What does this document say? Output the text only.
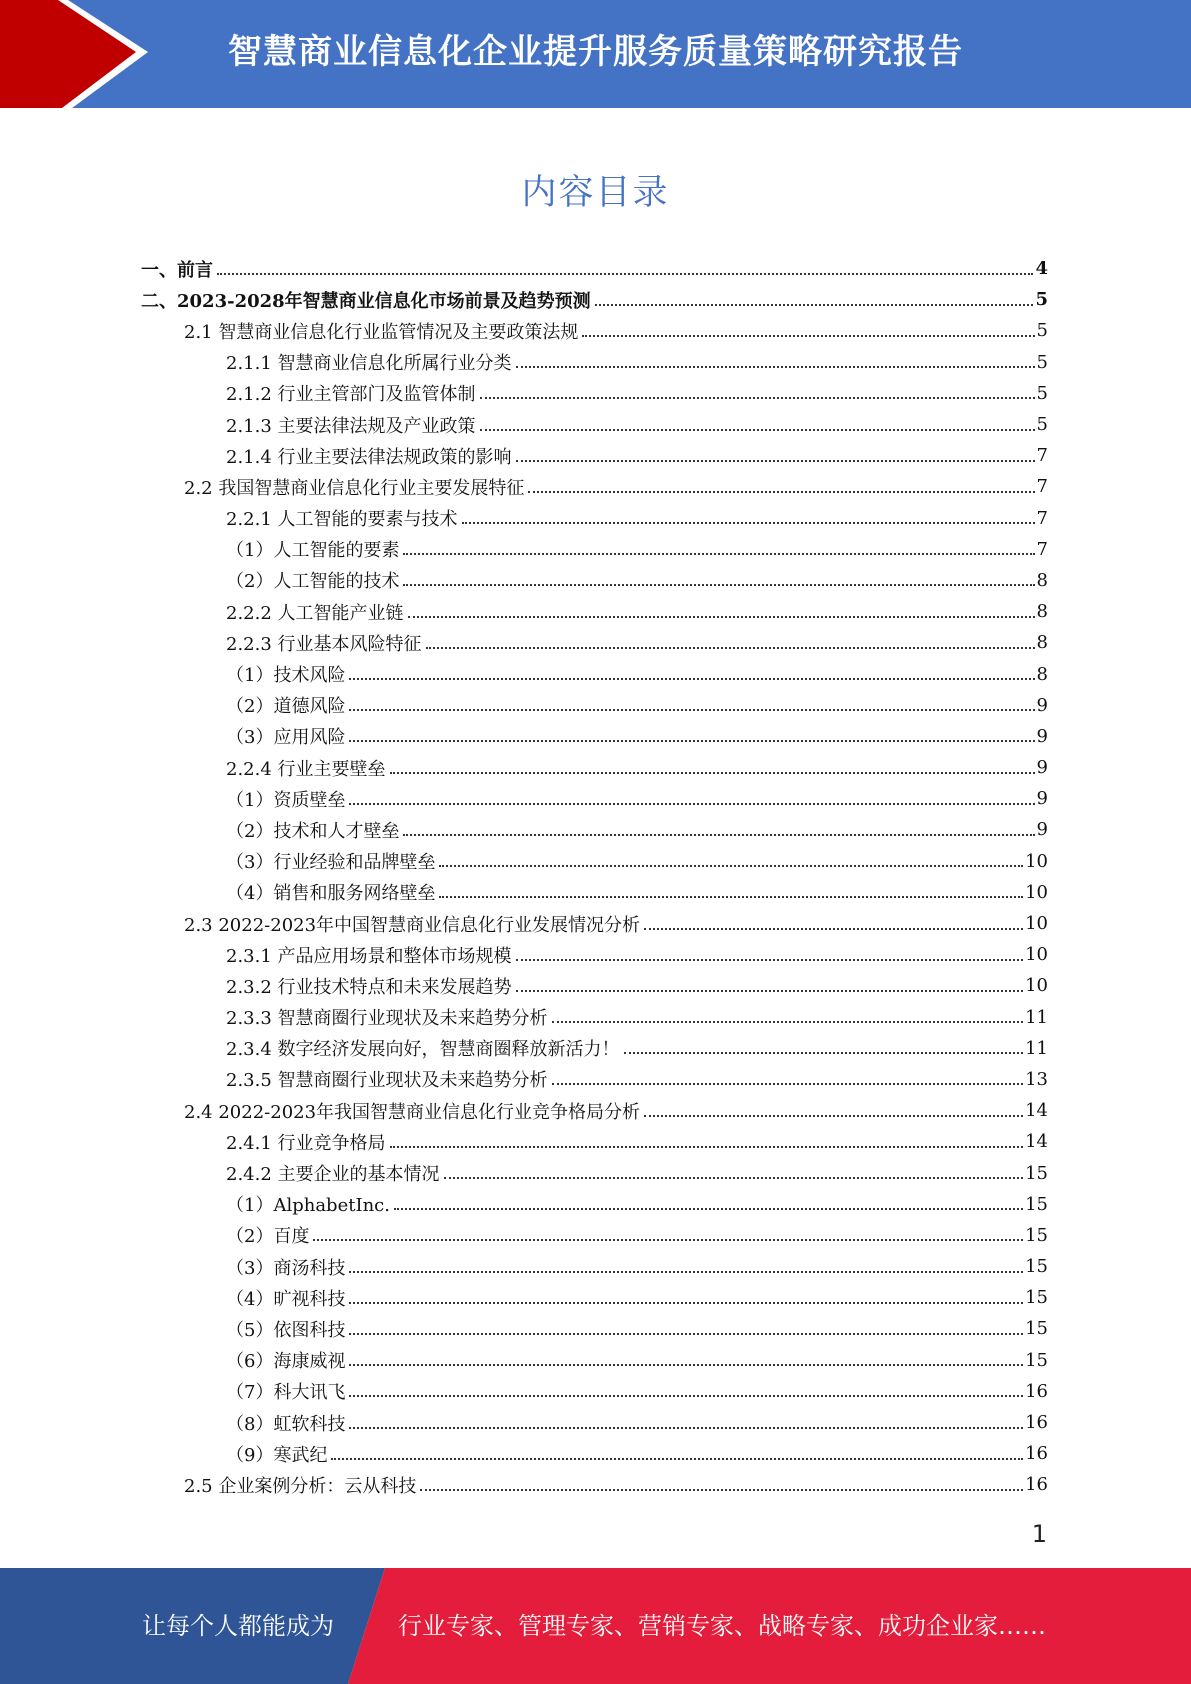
智慧商业信息化企业提升服务质量策略研究报告
内容目录
一、前言	4
二、2023-2028年智慧商业信息化市场前景及趋势预测	5
2.1 智慧商业信息化行业监管情况及主要政策法规	5
2.1.1 智慧商业信息化所属行业分类	5
2.1.2 行业主管部门及监管体制	5
2.1.3 主要法律法规及产业政策	5
2.1.4 行业主要法律法规政策的影响	7
2.2 我国智慧商业信息化行业主要发展特征	7
2.2.1 人工智能的要素与技术	7
（1）人工智能的要素	7
（2）人工智能的技术	8
2.2.2 人工智能产业链	8
2.2.3 行业基本风险特征	8
（1）技术风险	8
（2）道德风险	9
（3）应用风险	9
2.2.4 行业主要壁垒	9
（1）资质壁垒	9
（2）技术和人才壁垒	9
（3）行业经验和品牌壁垒	10
（4）销售和服务网络壁垒	10
2.3 2022-2023年中国智慧商业信息化行业发展情况分析	10
2.3.1 产品应用场景和整体市场规模	10
2.3.2 行业技术特点和未来发展趋势	10
2.3.3 智慧商圈行业现状及未来趋势分析	11
2.3.4 数字经济发展向好，智慧商圈释放新活力！	11
2.3.5 智慧商圈行业现状及未来趋势分析	13
2.4 2022-2023年我国智慧商业信息化行业竞争格局分析	14
2.4.1 行业竞争格局	14
2.4.2 主要企业的基本情况	15
（1）AlphabetInc.	15
（2）百度	15
（3）商汤科技	15
（4）旷视科技	15
（5）依图科技	15
（6）海康威视	15
（7）科大讯飞	16
（8）虹软科技	16
（9）寒武纪	16
2.5 企业案例分析：云从科技	16
1
让每个人都能成为	行业专家、管理专家、营销专家、战略专家、成功企业家……
